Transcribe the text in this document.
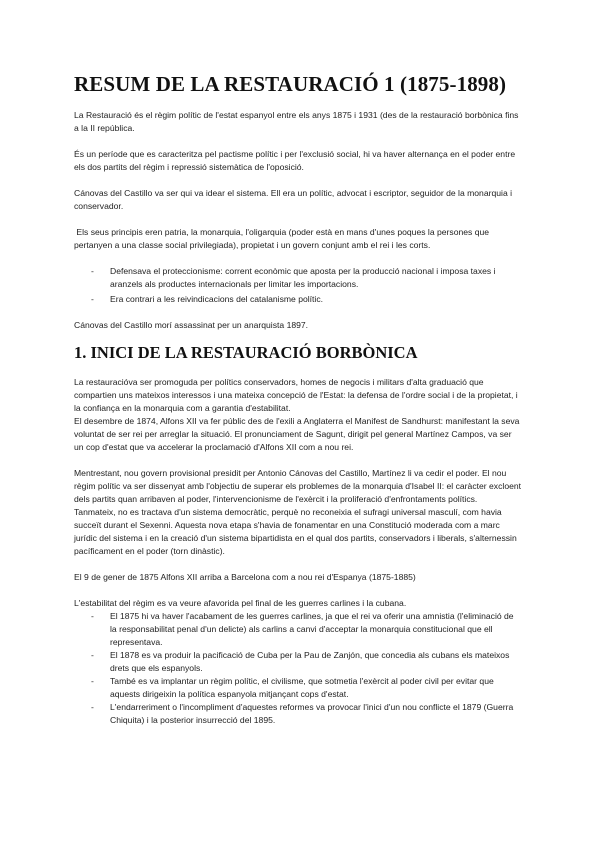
RESUM DE LA RESTAURACIÓ 1 (1875-1898)

La Restauració és el règim polític de l'estat espanyol entre els anys 1875 i 1931 (des de la restauració borbònica fins a la II república.

És un període que es caracteritza pel pactisme polític i per l'exclusió social, hi va haver alternança en el poder entre els dos partits del règim i repressió sistemàtica de l'oposició.

Cánovas del Castillo va ser qui va idear el sistema. Ell era un polític, advocat i escriptor, seguidor de la monarquia i conservador.

Els seus principis eren patria, la monarquia, l'oligarquia (poder està en mans d'unes poques la persones que pertanyen a una classe social privilegiada), propietat i un govern conjunt amb el rei i les corts.

- Defensava el proteccionisme: corrent econòmic que aposta per la producció nacional i imposa taxes i aranzels als productes internacionals per limitar les importacions.
- Era contrari a les reivindicacions del catalanisme polític.

Cánovas del Castillo morí assassinat per un anarquista 1897.

1. INICI DE LA RESTAURACIÓ BORBÒNICA

La restauracióva ser promoguda per polítics conservadors, homes de negocis i militars d'alta graduació que compartien uns mateixos interessos i una mateixa concepció de l'Estat: la defensa de l'ordre social i de la propietat, i la confiança en la monarquia com a garantia d'estabilitat.

El desembre de 1874, Alfons XII va fer públic des de l'exili a Anglaterra el Manifest de Sandhurst: manifestant la seva voluntat de ser rei per arreglar la situació. El pronunciament de Sagunt, dirigit pel general Martínez Campos, va ser un cop d'estat que va accelerar la proclamació d'Alfons XII com a nou rei.

Mentrestant, nou govern provisional presidit per Antonio Cánovas del Castillo, Martínez li va cedir el poder. El nou règim polític va ser dissenyat amb l'objectiu de superar els problemes de la monarquia d'Isabel II: el caràcter excloent dels partits quan arribaven al poder, l'intervencionisme de l'exèrcit i la proliferació d'enfrontaments polítics.

Tanmateix, no es tractava d'un sistema democràtic, perquè no reconeixia el sufragi universal masculí, com havia succeït durant el Sexenni. Aquesta nova etapa s'havia de fonamentar en una Constitució moderada com a marc jurídic del sistema i en la creació d'un sistema bipartidista en el qual dos partits, conservadors i liberals, s'alternessin pacíficament en el poder (torn dinàstic).

El 9 de gener de 1875 Alfons XII arriba a Barcelona com a nou rei d'Espanya (1875-1885)

L'estabilitat del règim es va veure afavorida pel final de les guerres carlines i la cubana.

- El 1875 hi va haver l'acabament de les guerres carlines, ja que el rei va oferir una amnistia (l'eliminació de la responsabilitat penal d'un delicte) als carlins a canvi d'acceptar la monarquia constitucional que ell representava.
- El 1878 es va produir la pacificació de Cuba per la Pau de Zanjón, que concedia als cubans els mateixos drets que els espanyols.
- També es va implantar un règim polític, el civilisme, que sotmetia l'exèrcit al poder civil per evitar que aquests dirigeixin la política espanyola mitjançant cops d'estat.
- L'endarreriment o l'incompliment d'aquestes reformes va provocar l'inici d'un nou conflicte el 1879 (Guerra Chiquita) i la posterior insurrecció del 1895.
